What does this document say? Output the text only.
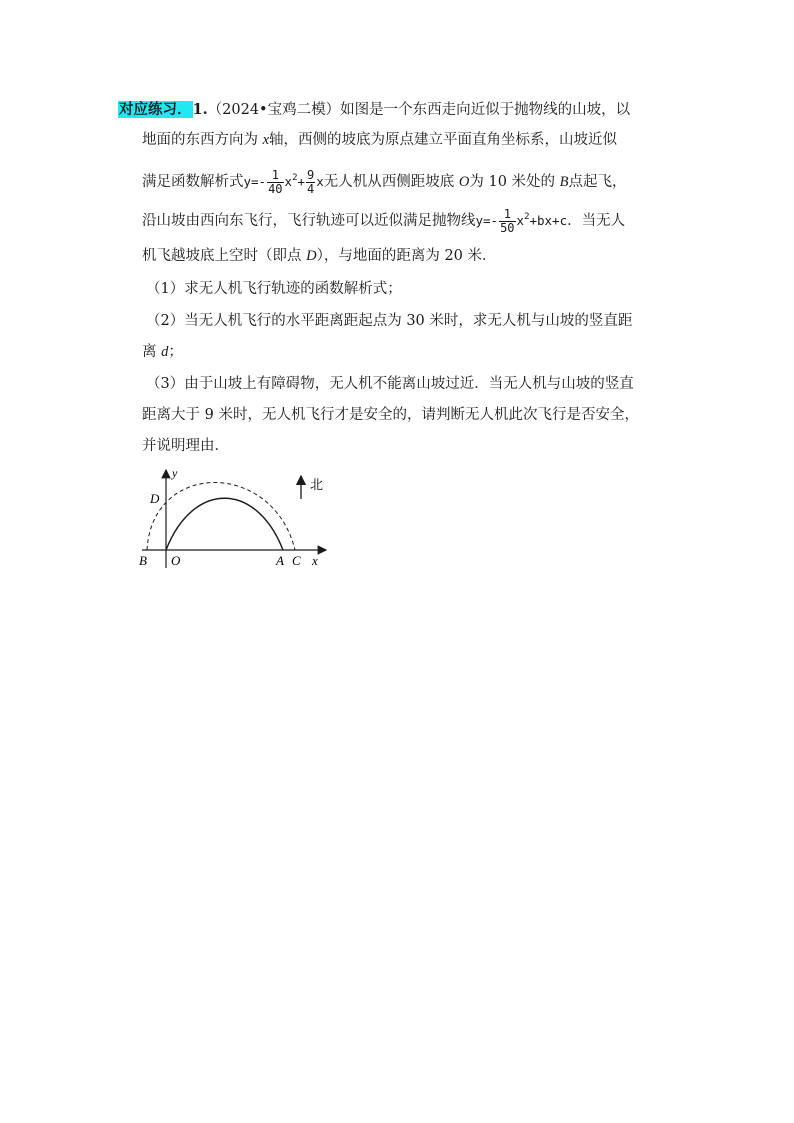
对应练习．1.（2024•宝鸡二模）如图是一个东西走向近似于抛物线的山坡，以
地面的东西方向为 x轴，西侧的坡底为原点建立平面直角坐标系，山坡近似
满足函数解析式$y=- \frac{1}{40} x^2+ \frac{9}{4}$ x无人机从西侧距坡底 O为 10 米处的 B点起飞，
沿山坡由西向东飞行，飞行轨迹可以近似满足抛物线$y=- \frac{1}{50} x^2+bx+c$．当无人
机飞越坡底上空时（即点 D），与地面的距离为 20 米．
（1）求无人机飞行轨迹的函数解析式；
（2）当无人机飞行的水平距离距起点为 30 米时，求无人机与山坡的竖直距
离 d；
（3）由于山坡上有障碍物，无人机不能离山坡过近．当无人机与山坡的竖直
距离大于 9 米时，无人机飞行才是安全的，请判断无人机此次飞行是否安全，
并说明理由．
北
y
D
B O	A C x
